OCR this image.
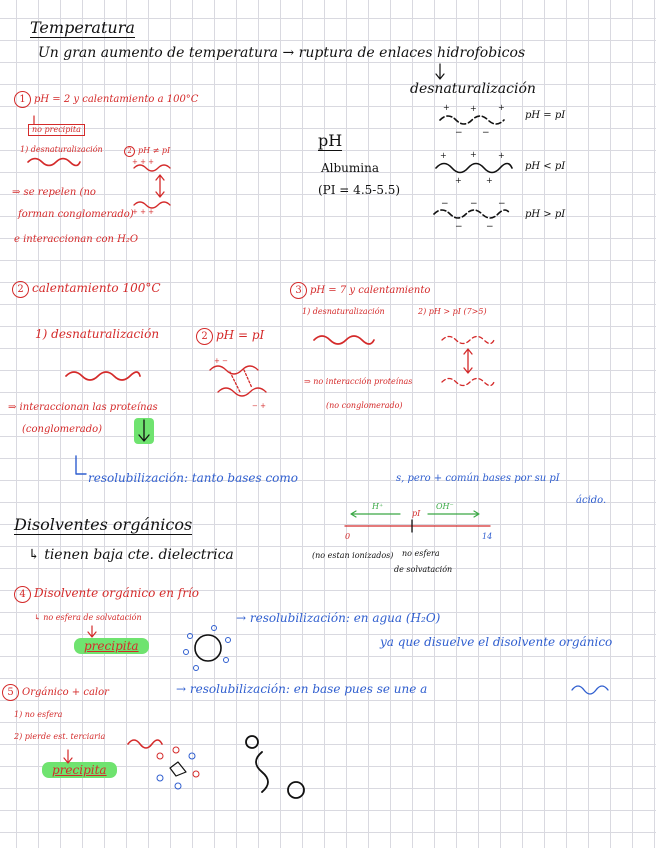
Temperatura
Un gran aumento de temperatura → ruptura de enlaces hidrofobicos
desnaturalización
pH = pI
pH < pI
pH > pI
pH
Albumina
(PI = 4.5-5.5)
1 pH = 2 y calentamiento a 100°C
no precipita
1) desnaturalización	2 pH ≠ pI
⇒ se repelen (no
forman conglomerado)
e interaccionan con H₂O
2 calentamiento 100°C
1) desnaturalización	2 pH = pI
⇒ interaccionan las proteínas
(conglomerado)
3 pH = 7 y calentamiento
1) desnaturalización	2) pH > pI (7>5)
⇒ no interacción proteínas
(no conglomerado)
resolubilización: tanto bases como	s, pero + común bases por su pI
ácido.
H⁺
pI
OH⁻
0	14
Disolventes orgánicos
↳ tienen baja cte. dielectrica	(no estan ionizados) no esfera
de solvatación
4 Disolvente orgánico en frío
↳ no esfera de solvatación
precipita
→ resolubilización: en agua (H₂O)
ya que disuelve el disolvente orgánico
5 Orgánico + calor
1) no esfera
2) pierde est. terciaria
precipita
→ resolubilización: en base pues se une a
+	+	+
− −
+	+	+
+	+
− − −
−	−
+ + +
+ + +
+ −
− +
